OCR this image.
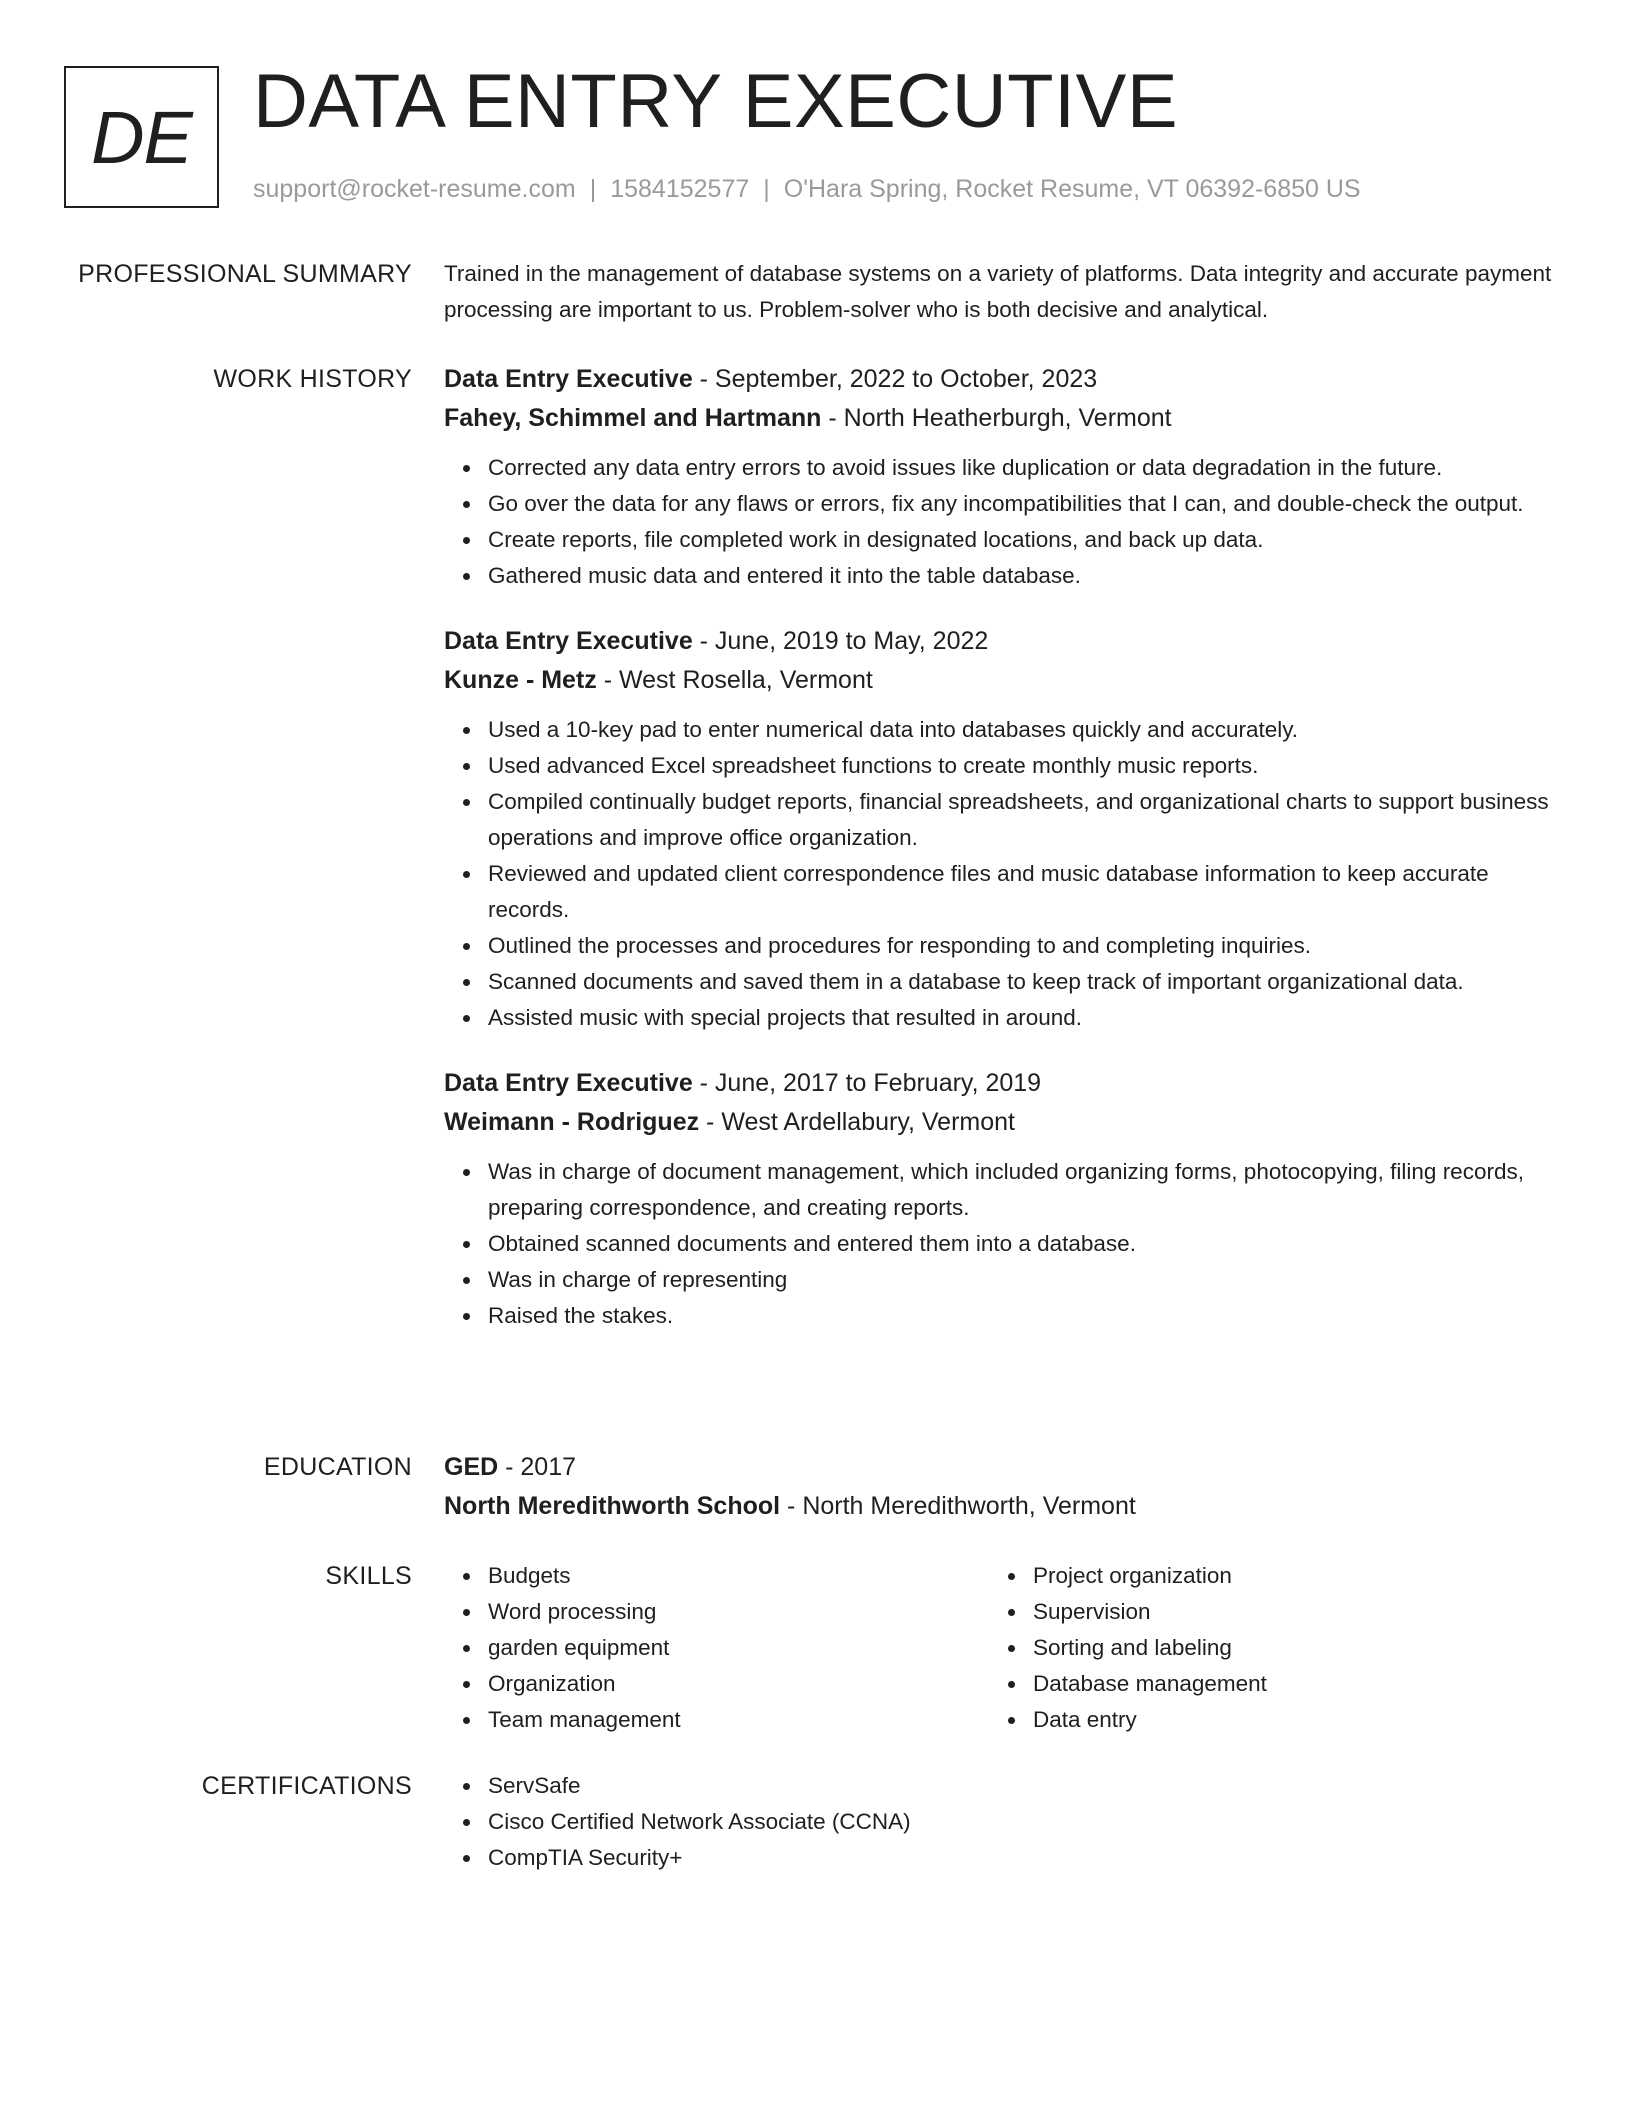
DE DATA ENTRY EXECUTIVE
support@rocket-resume.com | 1584152577 | O'Hara Spring, Rocket Resume, VT 06392-6850 US
PROFESSIONAL SUMMARY Trained in the management of database systems on a variety of platforms. Data integrity and accurate payment processing are important to us. Problem-solver who is both decisive and analytical.

WORK HISTORY Data Entry Executive - September, 2022 to October, 2023
Fahey, Schimmel and Hartmann - North Heatherburgh, Vermont
Corrected any data entry errors to avoid issues like duplication or data degradation in the future.
Go over the data for any flaws or errors, fix any incompatibilities that I can, and double-check the output.
Create reports, file completed work in designated locations, and back up data.
Gathered music data and entered it into the table database.
Data Entry Executive - June, 2019 to May, 2022
Kunze - Metz - West Rosella, Vermont
Used a 10-key pad to enter numerical data into databases quickly and accurately.
Used advanced Excel spreadsheet functions to create monthly music reports.
Compiled continually budget reports, financial spreadsheets, and organizational charts to support business operations and improve office organization.
Reviewed and updated client correspondence files and music database information to keep accurate records.
Outlined the processes and procedures for responding to and completing inquiries.
Scanned documents and saved them in a database to keep track of important organizational data.
Assisted music with special projects that resulted in around.
Data Entry Executive - June, 2017 to February, 2019
Weimann - Rodriguez - West Ardellabury, Vermont
Was in charge of document management, which included organizing forms, photocopying, filing records, preparing correspondence, and creating reports.
Obtained scanned documents and entered them into a database.
Was in charge of representing
Raised the stakes.
EDUCATION GED - 2017
North Meredithworth School - North Meredithworth, Vermont
SKILLS	Budgets
Word processing
garden equipment
Organization
Team management
Project organization
Supervision
Sorting and labeling
Database management
Data entry
CERTIFICATIONS	ServSafe
Cisco Certified Network Associate (CCNA)
CompTIA Security+
